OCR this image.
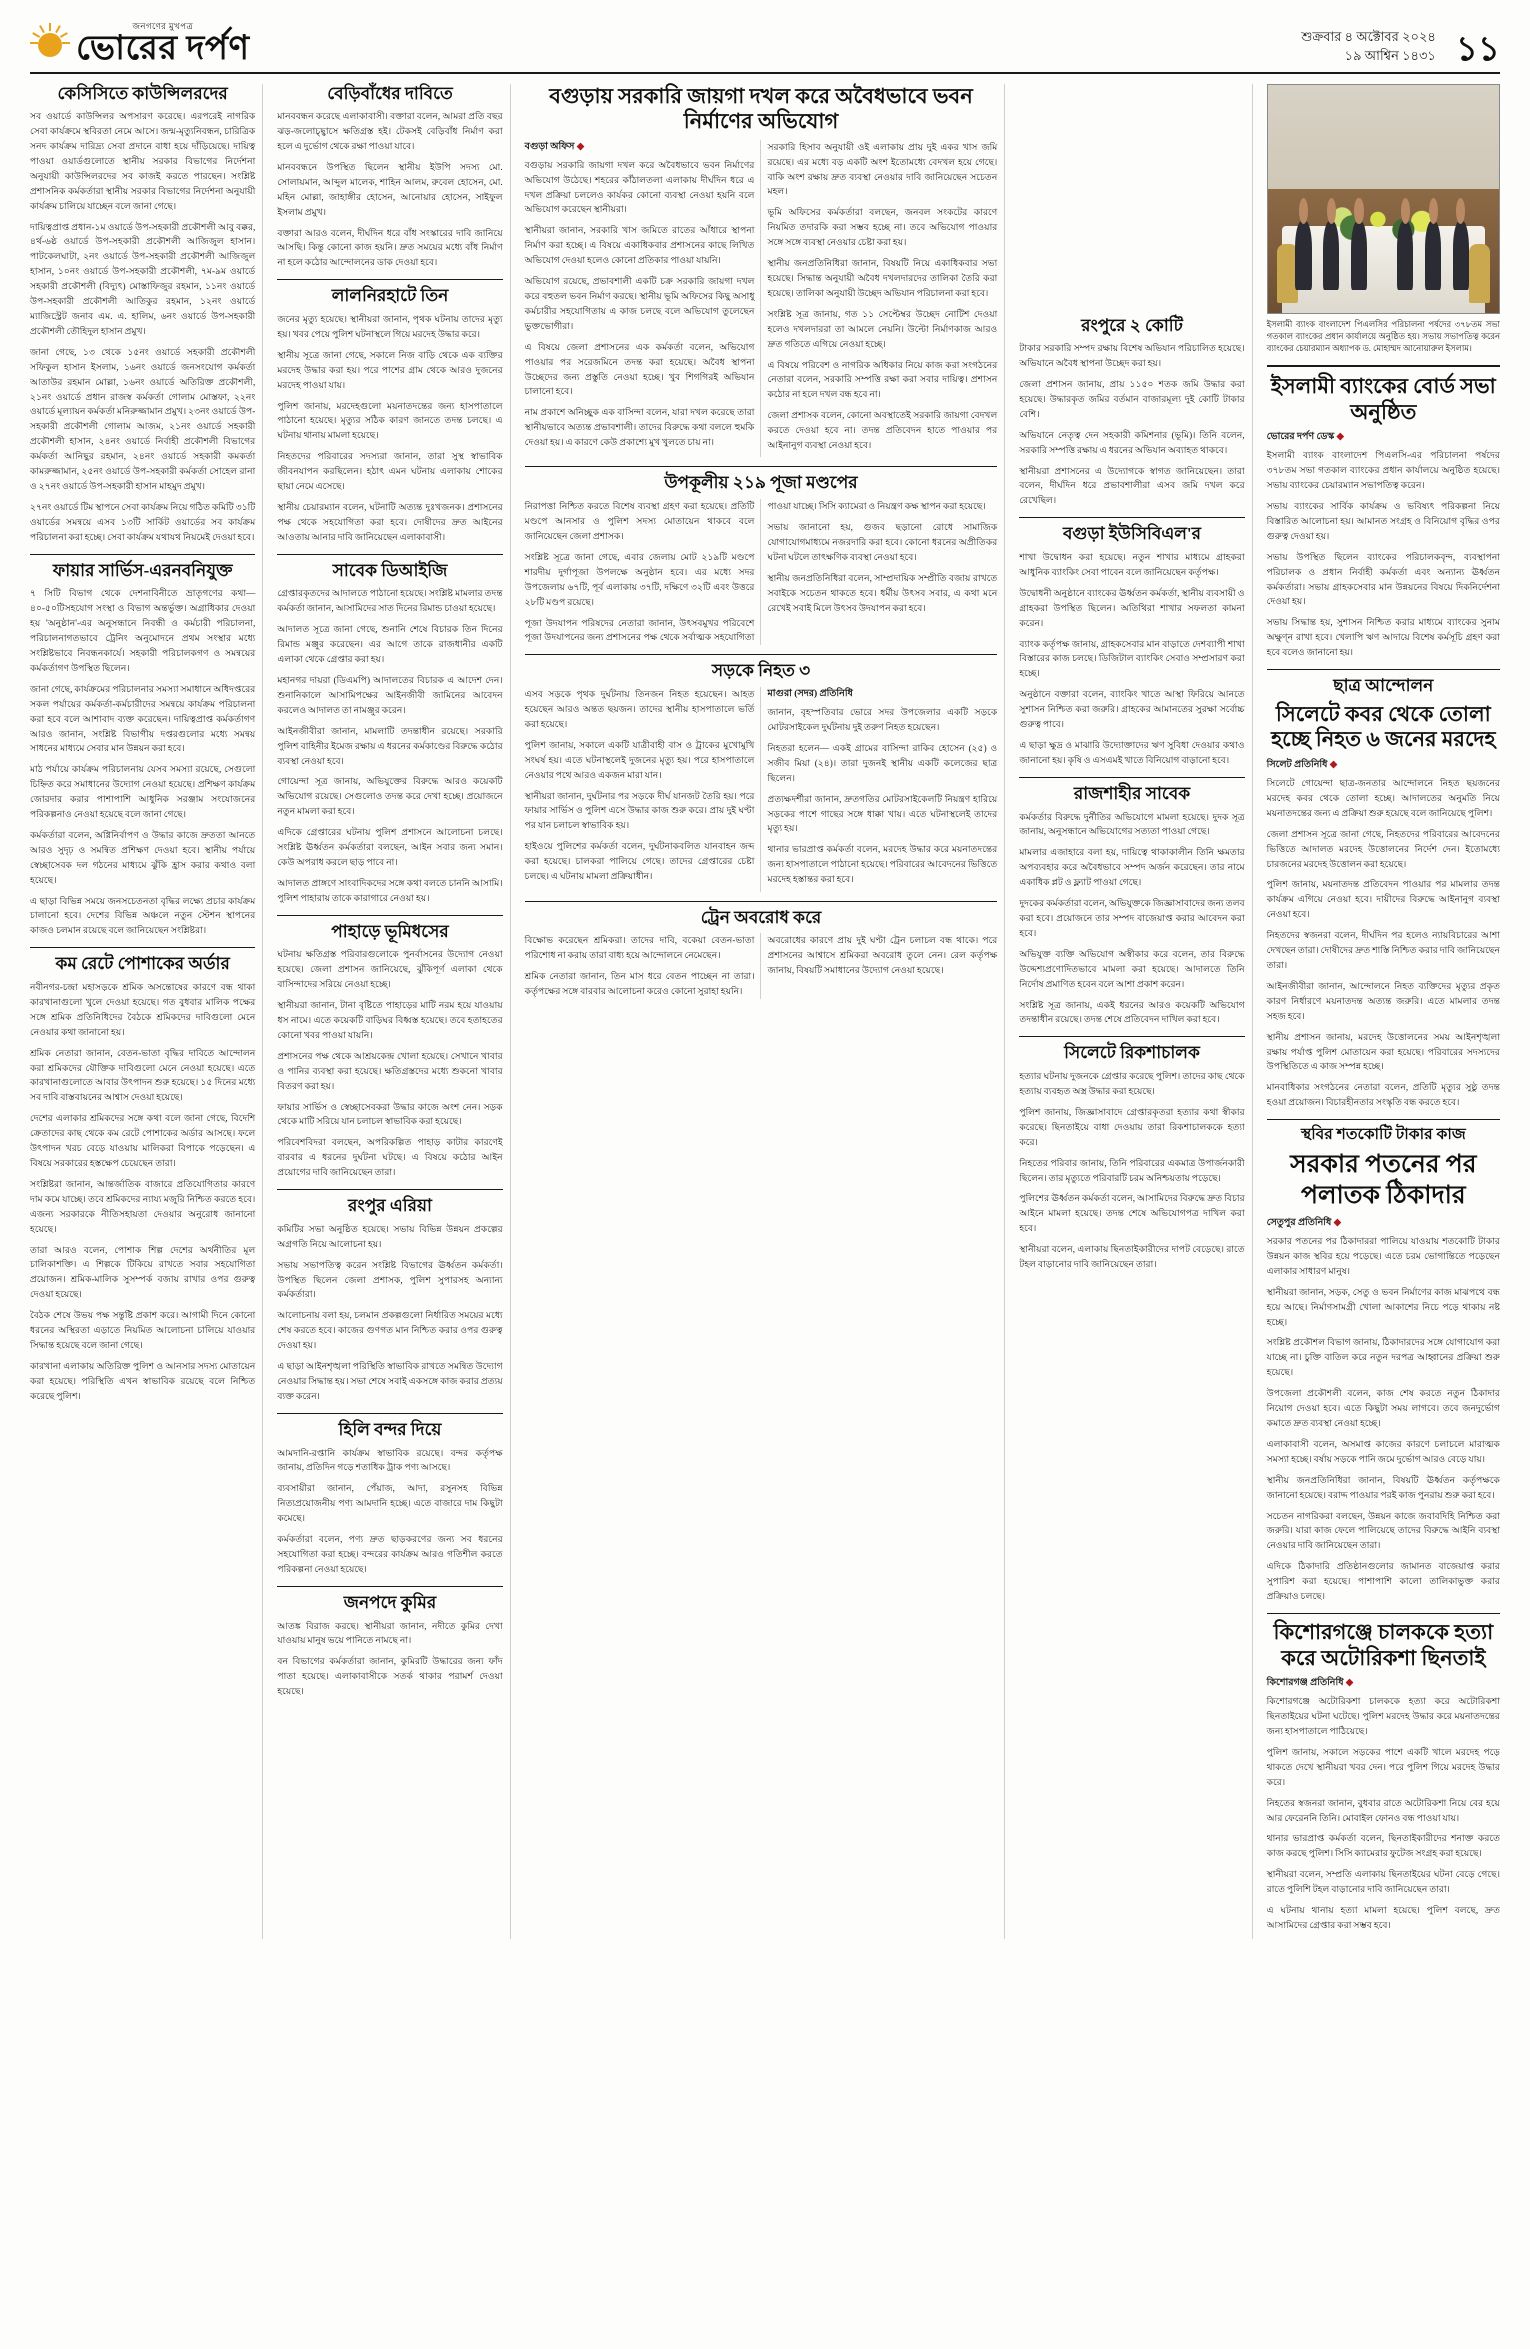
জনগণের মুখপত্র
ভোরের দর্পণ	শুক্রবার ৪ অক্টোবর ২০২৪
১৯ আশ্বিন ১৪৩১ ১১
কেসিসিতে কাউন্সিলরদের

সব ওয়ার্ডে কাউন্সিলর অপসারণ করেছে। এরপরেই নাগরিক সেবা কার্যক্রমে স্থবিরতা নেমে আসে। জন্ম-মৃত্যুনিবন্ধন, চারিত্রিক সনদ কার্যক্রম দারিদ্র্য সেবা প্রদানে বাধা হয়ে দাঁড়িয়েছে। দায়িত্ব পাওয়া ওয়ার্ডগুলোতে স্থানীয় সরকার বিভাগের নির্দেশনা অনুযায়ী কাউন্সিলরদের সব কাজই করতে পারছেন। সংশ্লিষ্ট প্রশাসনিক কর্মকর্তারা স্থানীয় সরকার বিভাগের নির্দেশনা অনুযায়ী কার্যক্রম চালিয়ে যাচ্ছেন বলে জানা গেছে।

দায়িত্বপ্রাপ্ত প্রধান-১ম ওয়ার্ডে উপ-সহকারী প্রকৌশলী আবু বক্কর, ৪র্থ-৬ষ্ঠ ওয়ার্ডে উপ-সহকারী প্রকৌশলী আজিজুল হাসান। পাটকেলঘাটা, ২নং ওয়ার্ডে উপ-সহকারী প্রকৌশলী আজিজুল হাসান, ১০নং ওয়ার্ডে উপ-সহকারী প্রকৌশলী, ৭ম-৯ম ওয়ার্ডে সহকারী প্রকৌশলী (বিদ্যুৎ) মোস্তাফিজুর রহমান, ১১নং ওয়ার্ডে উপ-সহকারী প্রকৌশলী আতিকুর রহমান, ১২নং ওয়ার্ডে ম্যাজিস্ট্রেট জনাব এম. এ. হালিম, ৬নং ওয়ার্ডে উপ-সহকারী প্রকৌশলী তৌহিদুল হাসান প্রমুখ।

জানা গেছে, ১৩ থেকে ১৫নং ওয়ার্ডে সহকারী প্রকৌশলী সফিকুল হাসান ইসলাম, ১৬নং ওয়ার্ডে জনসংযোগ কর্মকর্তা আতাউর রহমান মোল্লা, ১৬নং ওয়ার্ডে অতিরিক্ত প্রকৌশলী, ২১নং ওয়ার্ডে প্রধান রাজস্ব কর্মকর্তা গোলাম মোস্তফা, ২২নং ওয়ার্ডে মূল্যায়ন কর্মকর্তা মনিরুজ্জামান প্রমুখ। ২৩নং ওয়ার্ডে উপ-সহকারী প্রকৌশলী গোলাম আজম, ২১নং ওয়ার্ডে সহকারী প্রকৌশলী হাসান, ২৪নং ওয়ার্ডে নির্বাহী প্রকৌশলী বিভাগের কর্মকর্তা আনিছুর রহমান, ২৪নং ওয়ার্ডে সহকারী কমকর্তা কামরুজ্জামান, ২৫নং ওয়ার্ডে উপ-সহকারী কর্মকর্তা সোহেল রানা ও ২৭নং ওয়ার্ডে উপ-সহকারী হাসান মাহমুদ প্রমুখ।

২৭নং ওয়ার্ডে টিম স্থাপনে সেবা কার্যক্রম নিয়ে গঠিত কমিটি ৩১টি ওয়ার্ডের সমন্বয়ে এসব ১৩টি সার্কিট ওয়ার্ডের সব কার্যক্রম পরিচালনা করা হচ্ছে। সেবা কার্যক্রম যথাযথ নিয়মেই দেওয়া হবে।

ফায়ার সার্ভিস-এরনবনিযুক্ত

৭ সিটি বিভাগ থেকে দেশনাবিনীতে ভ্রাতৃগণের কথা—৪০-৫০টিসহযোগ সংস্থা ও বিভাগ অন্তর্ভুক্ত। অগ্রাধিকার দেওয়া হয় 'অনুষ্ঠান'-এর অনুসন্ধানে নিবন্ধী ও কর্মচারী পরিচালনা, পরিচালনাগতভাবে ট্রেনিং অনুমোদনে প্রথম সংস্থার মধ্যে সংশ্লিষ্টভাবে নিবন্ধনকার্যে। সহকারী পরিচালকগণ ও সমন্বয়ের কর্মকর্তাগণ উপস্থিত ছিলেন।

জানা গেছে, কার্যক্রমের পরিচালনার সমস্যা সমাধানে অধিদপ্তরের সকল পর্যায়ের কর্মকর্তা-কর্মচারীদের সমন্বয়ে কার্যক্রম পরিচালনা করা হবে বলে আশাবাদ ব্যক্ত করেছেন। দায়িত্বপ্রাপ্ত কর্মকর্তাগণ আরও জানান, সংশ্লিষ্ট বিভাগীয় দপ্তরগুলোর মধ্যে সমন্বয় সাধনের মাধ্যমে সেবার মান উন্নয়ন করা হবে।

মাঠ পর্যায়ে কার্যক্রম পরিচালনায় যেসব সমস্যা রয়েছে, সেগুলো চিহ্নিত করে সমাধানের উদ্যোগ নেওয়া হয়েছে। প্রশিক্ষণ কার্যক্রম জোরদার করার পাশাপাশি আধুনিক সরঞ্জাম সংযোজনের পরিকল্পনাও নেওয়া হয়েছে বলে জানা গেছে।

কর্মকর্তারা বলেন, অগ্নিনির্বাপণ ও উদ্ধার কাজে দ্রুততা আনতে আরও সুদৃঢ় ও সমন্বিত প্রশিক্ষণ দেওয়া হবে। স্থানীয় পর্যায়ে স্বেচ্ছাসেবক দল গঠনের মাধ্যমে ঝুঁকি হ্রাস করার কথাও বলা হয়েছে।

এ ছাড়া বিভিন্ন সময়ে জনসচেতনতা বৃদ্ধির লক্ষ্যে প্রচার কার্যক্রম চালানো হবে। দেশের বিভিন্ন অঞ্চলে নতুন স্টেশন স্থাপনের কাজও চলমান রয়েছে বলে জানিয়েছেন সংশ্লিষ্টরা।

কম রেটে পোশাকের অর্ডার

নবীনগর-চন্দ্রা মহাসড়কে শ্রমিক অসন্তোষের কারণে বন্ধ থাকা কারখানাগুলো খুলে দেওয়া হয়েছে। গত বুধবার মালিক পক্ষের সঙ্গে শ্রমিক প্রতিনিধিদের বৈঠকে শ্রমিকদের দাবিগুলো মেনে নেওয়ার কথা জানানো হয়।

শ্রমিক নেতারা জানান, বেতন-ভাতা বৃদ্ধির দাবিতে আন্দোলন করা শ্রমিকদের যৌক্তিক দাবিগুলো মেনে নেওয়া হয়েছে। এতে কারখানাগুলোতে আবার উৎপাদন শুরু হয়েছে। ১৫ দিনের মধ্যে সব দাবি বাস্তবায়নের আশ্বাস দেওয়া হয়েছে।

দেশের এলাকার শ্রমিকদের সঙ্গে কথা বলে জানা গেছে, বিদেশি ক্রেতাদের কাছ থেকে কম রেটে পোশাকের অর্ডার আসছে। ফলে উৎপাদন খরচ বেড়ে যাওয়ায় মালিকরা বিপাকে পড়েছেন। এ বিষয়ে সরকারের হস্তক্ষেপ চেয়েছেন তারা।

সংশ্লিষ্টরা জানান, আন্তর্জাতিক বাজারে প্রতিযোগিতার কারণে দাম কমে যাচ্ছে। তবে শ্রমিকদের ন্যায্য মজুরি নিশ্চিত করতে হবে। এজন্য সরকারকে নীতিসহায়তা দেওয়ার অনুরোধ জানানো হয়েছে।

তারা আরও বলেন, পোশাক শিল্প দেশের অর্থনীতির মূল চালিকাশক্তি। এ শিল্পকে টিকিয়ে রাখতে সবার সহযোগিতা প্রয়োজন। শ্রমিক-মালিক সুসম্পর্ক বজায় রাখার ওপর গুরুত্ব দেওয়া হয়েছে।

বৈঠক শেষে উভয় পক্ষ সন্তুষ্টি প্রকাশ করে। আগামী দিনে কোনো ধরনের অস্থিরতা এড়াতে নিয়মিত আলোচনা চালিয়ে যাওয়ার সিদ্ধান্ত হয়েছে বলে জানা গেছে।

কারখানা এলাকায় অতিরিক্ত পুলিশ ও আনসার সদস্য মোতায়েন করা হয়েছে। পরিস্থিতি এখন স্বাভাবিক রয়েছে বলে নিশ্চিত করেছে পুলিশ।

বেড়িবাঁধের দাবিতে

মানববন্ধন করেছে এলাকাবাসী। বক্তারা বলেন, আমরা প্রতি বছর ঝড়-জলোচ্ছ্বাসে ক্ষতিগ্রস্ত হই। টেকসই বেড়িবাঁধ নির্মাণ করা হলে এ দুর্ভোগ থেকে রক্ষা পাওয়া যাবে।

মানববন্ধনে উপস্থিত ছিলেন স্থানীয় ইউপি সদস্য মো. সোলায়মান, আব্দুল মালেক, শাহিন আলম, রুবেল হোসেন, মো. মহিন মোল্লা, জাহাঙ্গীর হোসেন, আনোয়ার হোসেন, সাইফুল ইসলাম প্রমুখ।

বক্তারা আরও বলেন, দীর্ঘদিন ধরে বাঁধ সংস্কারের দাবি জানিয়ে আসছি। কিন্তু কোনো কাজ হয়নি। দ্রুত সময়ের মধ্যে বাঁধ নির্মাণ না হলে কঠোর আন্দোলনের ডাক দেওয়া হবে।

লালনিরহাটে তিন

জনের মৃত্যু হয়েছে। স্থানীয়রা জানান, পৃথক ঘটনায় তাদের মৃত্যু হয়। খবর পেয়ে পুলিশ ঘটনাস্থলে গিয়ে মরদেহ উদ্ধার করে।

স্থানীয় সূত্রে জানা গেছে, সকালে নিজ বাড়ি থেকে এক ব্যক্তির মরদেহ উদ্ধার করা হয়। পরে পাশের গ্রাম থেকে আরও দুজনের মরদেহ পাওয়া যায়।

পুলিশ জানায়, মরদেহগুলো ময়নাতদন্তের জন্য হাসপাতালে পাঠানো হয়েছে। মৃত্যুর সঠিক কারণ জানতে তদন্ত চলছে। এ ঘটনায় থানায় মামলা হয়েছে।

নিহতদের পরিবারের সদস্যরা জানান, তারা সুস্থ স্বাভাবিক জীবনযাপন করছিলেন। হঠাৎ এমন ঘটনায় এলাকায় শোকের ছায়া নেমে এসেছে।

স্থানীয় চেয়ারম্যান বলেন, ঘটনাটি অত্যন্ত দুঃখজনক। প্রশাসনের পক্ষ থেকে সহযোগিতা করা হবে। দোষীদের দ্রুত আইনের আওতায় আনার দাবি জানিয়েছেন এলাকাবাসী।

সাবেক ডিআইজি

গ্রেপ্তারকৃতদের আদালতে পাঠানো হয়েছে। সংশ্লিষ্ট মামলার তদন্ত কর্মকর্তা জানান, আসামিদের সাত দিনের রিমান্ড চাওয়া হয়েছে।

আদালত সূত্রে জানা গেছে, শুনানি শেষে বিচারক তিন দিনের রিমান্ড মঞ্জুর করেছেন। এর আগে তাকে রাজধানীর একটি এলাকা থেকে গ্রেপ্তার করা হয়।

মহানগর দায়রা (ডিএমপি) আদালতের বিচারক এ আদেশ দেন। শুনানিকালে আসামিপক্ষের আইনজীবী জামিনের আবেদন করলেও আদালত তা নামঞ্জুর করেন।

আইনজীবীরা জানান, মামলাটি তদন্তাধীন রয়েছে। সরকারি পুলিশ বাহিনীর ইমেজ রক্ষায় এ ধরনের কর্মকাণ্ডের বিরুদ্ধে কঠোর ব্যবস্থা নেওয়া হবে।

গোয়েন্দা সূত্র জানায়, অভিযুক্তের বিরুদ্ধে আরও কয়েকটি অভিযোগ রয়েছে। সেগুলোও তদন্ত করে দেখা হচ্ছে। প্রয়োজনে নতুন মামলা করা হবে।

এদিকে গ্রেপ্তারের ঘটনায় পুলিশ প্রশাসনে আলোচনা চলছে। সংশ্লিষ্ট ঊর্ধ্বতন কর্মকর্তারা বলছেন, আইন সবার জন্য সমান। কেউ অপরাধ করলে ছাড় পাবে না।

আদালত প্রাঙ্গণে সাংবাদিকদের সঙ্গে কথা বলতে চাননি আসামি। পুলিশ পাহারায় তাকে কারাগারে নেওয়া হয়।

পাহাড়ে ভূমিধসের

ঘটনায় ক্ষতিগ্রস্ত পরিবারগুলোকে পুনর্বাসনের উদ্যোগ নেওয়া হয়েছে। জেলা প্রশাসন জানিয়েছে, ঝুঁকিপূর্ণ এলাকা থেকে বাসিন্দাদের সরিয়ে নেওয়া হচ্ছে।

স্থানীয়রা জানান, টানা বৃষ্টিতে পাহাড়ের মাটি নরম হয়ে যাওয়ায় ধস নামে। এতে কয়েকটি বাড়িঘর বিধ্বস্ত হয়েছে। তবে হতাহতের কোনো খবর পাওয়া যায়নি।

প্রশাসনের পক্ষ থেকে আশ্রয়কেন্দ্র খোলা হয়েছে। সেখানে খাবার ও পানির ব্যবস্থা করা হয়েছে। ক্ষতিগ্রস্তদের মধ্যে শুকনো খাবার বিতরণ করা হয়।

ফায়ার সার্ভিস ও স্বেচ্ছাসেবকরা উদ্ধার কাজে অংশ নেন। সড়ক থেকে মাটি সরিয়ে যান চলাচল স্বাভাবিক করা হয়েছে।

পরিবেশবিদরা বলছেন, অপরিকল্পিত পাহাড় কাটার কারণেই বারবার এ ধরনের দুর্ঘটনা ঘটছে। এ বিষয়ে কঠোর আইন প্রয়োগের দাবি জানিয়েছেন তারা।

রংপুর এরিয়া

কমিটির সভা অনুষ্ঠিত হয়েছে। সভায় বিভিন্ন উন্নয়ন প্রকল্পের অগ্রগতি নিয়ে আলোচনা হয়।

সভায় সভাপতিত্ব করেন সংশ্লিষ্ট বিভাগের ঊর্ধ্বতন কর্মকর্তা। উপস্থিত ছিলেন জেলা প্রশাসক, পুলিশ সুপারসহ অন্যান্য কর্মকর্তারা।

আলোচনায় বলা হয়, চলমান প্রকল্পগুলো নির্ধারিত সময়ের মধ্যে শেষ করতে হবে। কাজের গুণগত মান নিশ্চিত করার ওপর গুরুত্ব দেওয়া হয়।

এ ছাড়া আইনশৃঙ্খলা পরিস্থিতি স্বাভাবিক রাখতে সমন্বিত উদ্যোগ নেওয়ার সিদ্ধান্ত হয়। সভা শেষে সবাই একসঙ্গে কাজ করার প্রত্যয় ব্যক্ত করেন।

হিলি বন্দর দিয়ে

আমদানি-রপ্তানি কার্যক্রম স্বাভাবিক রয়েছে। বন্দর কর্তৃপক্ষ জানায়, প্রতিদিন গড়ে শতাধিক ট্রাক পণ্য আসছে।

ব্যবসায়ীরা জানান, পেঁয়াজ, আদা, রসুনসহ বিভিন্ন নিত্যপ্রয়োজনীয় পণ্য আমদানি হচ্ছে। এতে বাজারে দাম কিছুটা কমেছে।

কর্মকর্তারা বলেন, পণ্য দ্রুত ছাড়করণের জন্য সব ধরনের সহযোগিতা করা হচ্ছে। বন্দরের কার্যক্রম আরও গতিশীল করতে পরিকল্পনা নেওয়া হয়েছে।

জনপদে কুমির

আতঙ্ক বিরাজ করছে। স্থানীয়রা জানান, নদীতে কুমির দেখা যাওয়ায় মানুষ ভয়ে পানিতে নামছে না।

বন বিভাগের কর্মকর্তারা জানান, কুমিরটি উদ্ধারের জন্য ফাঁদ পাতা হয়েছে। এলাকাবাসীকে সতর্ক থাকার পরামর্শ দেওয়া হয়েছে।

বগুড়ায় সরকারি জায়গা দখল করে অবৈধভাবে ভবন নির্মাণের অভিযোগ

বগুড়া অফিস ◆

বগুড়ায় সরকারি জায়গা দখল করে অবৈধভাবে ভবন নির্মাণের অভিযোগ উঠেছে। শহরের কাঁঠালতলা এলাকায় দীর্ঘদিন ধরে এ দখল প্রক্রিয়া চললেও কার্যকর কোনো ব্যবস্থা নেওয়া হয়নি বলে অভিযোগ করেছেন স্থানীয়রা।

স্থানীয়রা জানান, সরকারি খাস জমিতে রাতের আঁধারে স্থাপনা নির্মাণ করা হচ্ছে। এ বিষয়ে একাধিকবার প্রশাসনের কাছে লিখিত অভিযোগ দেওয়া হলেও কোনো প্রতিকার পাওয়া যায়নি।

অভিযোগ রয়েছে, প্রভাবশালী একটি চক্র সরকারি জায়গা দখল করে বহুতল ভবন নির্মাণ করছে। স্থানীয় ভূমি অফিসের কিছু অসাধু কর্মচারীর সহযোগিতায় এ কাজ চলছে বলে অভিযোগ তুলেছেন ভুক্তভোগীরা।

এ বিষয়ে জেলা প্রশাসনের এক কর্মকর্তা বলেন, অভিযোগ পাওয়ার পর সরেজমিনে তদন্ত করা হয়েছে। অবৈধ স্থাপনা উচ্ছেদের জন্য প্রস্তুতি নেওয়া হচ্ছে। খুব শিগগিরই অভিযান চালানো হবে।

নাম প্রকাশে অনিচ্ছুক এক বাসিন্দা বলেন, যারা দখল করেছে তারা স্থানীয়ভাবে অত্যন্ত প্রভাবশালী। তাদের বিরুদ্ধে কথা বললে হুমকি দেওয়া হয়। এ কারণে কেউ প্রকাশ্যে মুখ খুলতে চায় না।

সরকারি হিসাব অনুযায়ী ওই এলাকায় প্রায় দুই একর খাস জমি রয়েছে। এর মধ্যে বড় একটি অংশ ইতোমধ্যে বেদখল হয়ে গেছে। বাকি অংশ রক্ষায় দ্রুত ব্যবস্থা নেওয়ার দাবি জানিয়েছেন সচেতন মহল।

ভূমি অফিসের কর্মকর্তারা বলছেন, জনবল সংকটের কারণে নিয়মিত তদারকি করা সম্ভব হচ্ছে না। তবে অভিযোগ পাওয়ার সঙ্গে সঙ্গে ব্যবস্থা নেওয়ার চেষ্টা করা হয়।

স্থানীয় জনপ্রতিনিধিরা জানান, বিষয়টি নিয়ে একাধিকবার সভা হয়েছে। সিদ্ধান্ত অনুযায়ী অবৈধ দখলদারদের তালিকা তৈরি করা হয়েছে। তালিকা অনুযায়ী উচ্ছেদ অভিযান পরিচালনা করা হবে।

সংশ্লিষ্ট সূত্র জানায়, গত ১১ সেপ্টেম্বর উচ্ছেদ নোটিশ দেওয়া হলেও দখলদাররা তা আমলে নেয়নি। উল্টো নির্মাণকাজ আরও দ্রুত গতিতে এগিয়ে নেওয়া হচ্ছে।

এ বিষয়ে পরিবেশ ও নাগরিক অধিকার নিয়ে কাজ করা সংগঠনের নেতারা বলেন, সরকারি সম্পত্তি রক্ষা করা সবার দায়িত্ব। প্রশাসন কঠোর না হলে দখল বন্ধ হবে না।

জেলা প্রশাসক বলেন, কোনো অবস্থাতেই সরকারি জায়গা বেদখল করতে দেওয়া হবে না। তদন্ত প্রতিবেদন হাতে পাওয়ার পর আইনানুগ ব্যবস্থা নেওয়া হবে।

উপকূলীয় ২১৯ পূজা মণ্ডপের

নিরাপত্তা নিশ্চিত করতে বিশেষ ব্যবস্থা গ্রহণ করা হয়েছে। প্রতিটি মণ্ডপে আনসার ও পুলিশ সদস্য মোতায়েন থাকবে বলে জানিয়েছেন জেলা প্রশাসক।

সংশ্লিষ্ট সূত্রে জানা গেছে, এবার জেলায় মোট ২১৯টি মণ্ডপে শারদীয় দুর্গাপূজা উপলক্ষে অনুষ্ঠান হবে। এর মধ্যে সদর উপজেলায় ৬৭টি, পূর্ব এলাকায় ৩৭টি, দক্ষিণে ৩২টি এবং উত্তরে ২৮টি মণ্ডপ রয়েছে।

পূজা উদযাপন পরিষদের নেতারা জানান, উৎসবমুখর পরিবেশে পূজা উদযাপনের জন্য প্রশাসনের পক্ষ থেকে সর্বাত্মক সহযোগিতা পাওয়া যাচ্ছে। সিসি ক্যামেরা ও নিয়ন্ত্রণ কক্ষ স্থাপন করা হয়েছে।

সভায় জানানো হয়, গুজব ছড়ানো রোধে সামাজিক যোগাযোগমাধ্যমে নজরদারি করা হবে। কোনো ধরনের অপ্রীতিকর ঘটনা ঘটলে তাৎক্ষণিক ব্যবস্থা নেওয়া হবে।

স্থানীয় জনপ্রতিনিধিরা বলেন, সাম্প্রদায়িক সম্প্রীতি বজায় রাখতে সবাইকে সচেতন থাকতে হবে। ধর্মীয় উৎসব সবার, এ কথা মনে রেখেই সবাই মিলে উৎসব উদযাপন করা হবে।

সড়কে নিহত ৩

এসব সড়কে পৃথক দুর্ঘটনায় তিনজন নিহত হয়েছেন। আহত হয়েছেন আরও অন্তত ছয়জন। তাদের স্থানীয় হাসপাতালে ভর্তি করা হয়েছে।

পুলিশ জানায়, সকালে একটি যাত্রীবাহী বাস ও ট্রাকের মুখোমুখি সংঘর্ষ হয়। এতে ঘটনাস্থলেই দুজনের মৃত্যু হয়। পরে হাসপাতালে নেওয়ার পথে আরও একজন মারা যান।

স্থানীয়রা জানান, দুর্ঘটনার পর সড়কে দীর্ঘ যানজট তৈরি হয়। পরে ফায়ার সার্ভিস ও পুলিশ এসে উদ্ধার কাজ শুরু করে। প্রায় দুই ঘণ্টা পর যান চলাচল স্বাভাবিক হয়।

হাইওয়ে পুলিশের কর্মকর্তা বলেন, দুর্ঘটনাকবলিত যানবাহন জব্দ করা হয়েছে। চালকরা পালিয়ে গেছে। তাদের গ্রেপ্তারের চেষ্টা চলছে। এ ঘটনায় মামলা প্রক্রিয়াধীন।

মাগুরা (সদর) প্রতিনিধি

জানান, বৃহস্পতিবার ভোরে সদর উপজেলার একটি সড়কে মোটরসাইকেল দুর্ঘটনায় দুই তরুণ নিহত হয়েছেন।

নিহতরা হলেন— একই গ্রামের বাসিন্দা রাকিব হোসেন (২৫) ও সজীব মিয়া (২৪)। তারা দুজনই স্থানীয় একটি কলেজের ছাত্র ছিলেন।

প্রত্যক্ষদর্শীরা জানান, দ্রুতগতির মোটরসাইকেলটি নিয়ন্ত্রণ হারিয়ে সড়কের পাশে গাছের সঙ্গে ধাক্কা খায়। এতে ঘটনাস্থলেই তাদের মৃত্যু হয়।

থানার ভারপ্রাপ্ত কর্মকর্তা বলেন, মরদেহ উদ্ধার করে ময়নাতদন্তের জন্য হাসপাতালে পাঠানো হয়েছে। পরিবারের আবেদনের ভিত্তিতে মরদেহ হস্তান্তর করা হবে।

ট্রেন অবরোধ করে

বিক্ষোভ করেছেন শ্রমিকরা। তাদের দাবি, বকেয়া বেতন-ভাতা পরিশোধ না করায় তারা বাধ্য হয়ে আন্দোলনে নেমেছেন।

শ্রমিক নেতারা জানান, তিন মাস ধরে বেতন পাচ্ছেন না তারা। কর্তৃপক্ষের সঙ্গে বারবার আলোচনা করেও কোনো সুরাহা হয়নি।

অবরোধের কারণে প্রায় দুই ঘণ্টা ট্রেন চলাচল বন্ধ থাকে। পরে প্রশাসনের আশ্বাসে শ্রমিকরা অবরোধ তুলে নেন। রেল কর্তৃপক্ষ জানায়, বিষয়টি সমাধানের উদ্যোগ নেওয়া হয়েছে।

রংপুরে ২ কোটি

টাকার সরকারি সম্পদ রক্ষায় বিশেষ অভিযান পরিচালিত হয়েছে। অভিযানে অবৈধ স্থাপনা উচ্ছেদ করা হয়।

জেলা প্রশাসন জানায়, প্রায় ১১৫০ শতক জমি উদ্ধার করা হয়েছে। উদ্ধারকৃত জমির বর্তমান বাজারমূল্য দুই কোটি টাকার বেশি।

অভিযানে নেতৃত্ব দেন সহকারী কমিশনার (ভূমি)। তিনি বলেন, সরকারি সম্পত্তি রক্ষায় এ ধরনের অভিযান অব্যাহত থাকবে।

স্থানীয়রা প্রশাসনের এ উদ্যোগকে স্বাগত জানিয়েছেন। তারা বলেন, দীর্ঘদিন ধরে প্রভাবশালীরা এসব জমি দখল করে রেখেছিল।

বগুড়া ইউসিবিএল'র

শাখা উদ্বোধন করা হয়েছে। নতুন শাখার মাধ্যমে গ্রাহকরা আধুনিক ব্যাংকিং সেবা পাবেন বলে জানিয়েছেন কর্তৃপক্ষ।

উদ্বোধনী অনুষ্ঠানে ব্যাংকের ঊর্ধ্বতন কর্মকর্তা, স্থানীয় ব্যবসায়ী ও গ্রাহকরা উপস্থিত ছিলেন। অতিথিরা শাখার সফলতা কামনা করেন।

ব্যাংক কর্তৃপক্ষ জানায়, গ্রাহকসেবার মান বাড়াতে দেশব্যাপী শাখা বিস্তারের কাজ চলছে। ডিজিটাল ব্যাংকিং সেবাও সম্প্রসারণ করা হচ্ছে।

অনুষ্ঠানে বক্তারা বলেন, ব্যাংকিং খাতে আস্থা ফিরিয়ে আনতে সুশাসন নিশ্চিত করা জরুরি। গ্রাহকের আমানতের সুরক্ষা সর্বোচ্চ গুরুত্ব পাবে।

এ ছাড়া ক্ষুদ্র ও মাঝারি উদ্যোক্তাদের ঋণ সুবিধা দেওয়ার কথাও জানানো হয়। কৃষি ও এসএমই খাতে বিনিয়োগ বাড়ানো হবে।

রাজশাহীর সাবেক

কর্মকর্তার বিরুদ্ধে দুর্নীতির অভিযোগে মামলা হয়েছে। দুদক সূত্র জানায়, অনুসন্ধানে অভিযোগের সত্যতা পাওয়া গেছে।

মামলার এজাহারে বলা হয়, দায়িত্বে থাকাকালীন তিনি ক্ষমতার অপব্যবহার করে অবৈধভাবে সম্পদ অর্জন করেছেন। তার নামে একাধিক প্লট ও ফ্ল্যাট পাওয়া গেছে।

দুদকের কর্মকর্তারা বলেন, অভিযুক্তকে জিজ্ঞাসাবাদের জন্য তলব করা হবে। প্রয়োজনে তার সম্পদ বাজেয়াপ্ত করার আবেদন করা হবে।

অভিযুক্ত ব্যক্তি অভিযোগ অস্বীকার করে বলেন, তার বিরুদ্ধে উদ্দেশ্যপ্রণোদিতভাবে মামলা করা হয়েছে। আদালতে তিনি নির্দোষ প্রমাণিত হবেন বলে আশা প্রকাশ করেন।

সংশ্লিষ্ট সূত্র জানায়, একই ধরনের আরও কয়েকটি অভিযোগ তদন্তাধীন রয়েছে। তদন্ত শেষে প্রতিবেদন দাখিল করা হবে।

সিলেটে রিকশাচালক

হত্যার ঘটনায় দুজনকে গ্রেপ্তার করেছে পুলিশ। তাদের কাছ থেকে হত্যায় ব্যবহৃত অস্ত্র উদ্ধার করা হয়েছে।

পুলিশ জানায়, জিজ্ঞাসাবাদে গ্রেপ্তারকৃতরা হত্যার কথা স্বীকার করেছে। ছিনতাইয়ে বাধা দেওয়ায় তারা রিকশাচালককে হত্যা করে।

নিহতের পরিবার জানায়, তিনি পরিবারের একমাত্র উপার্জনকারী ছিলেন। তার মৃত্যুতে পরিবারটি চরম অনিশ্চয়তায় পড়েছে।

পুলিশের ঊর্ধ্বতন কর্মকর্তা বলেন, আসামিদের বিরুদ্ধে দ্রুত বিচার আইনে মামলা হয়েছে। তদন্ত শেষে অভিযোগপত্র দাখিল করা হবে।

স্থানীয়রা বলেন, এলাকায় ছিনতাইকারীদের দাপট বেড়েছে। রাতে টহল বাড়ানোর দাবি জানিয়েছেন তারা।

ইসলামী ব্যাংক বাংলাদেশ পিএলসির পরিচালনা পর্ষদের ৩৭৮তম সভা গতকাল ব্যাংকের প্রধান কার্যালয়ে অনুষ্ঠিত হয়। সভায় সভাপতিত্ব করেন ব্যাংকের চেয়ারম্যান অধ্যাপক ড. মোহাম্মদ আনোয়ারুল ইসলাম।

ইসলামী ব্যাংকের বোর্ড সভা অনুষ্ঠিত

ভোরের দর্পণ ডেস্ক ◆

ইসলামী ব্যাংক বাংলাদেশ পিএলসি-এর পরিচালনা পর্ষদের ৩৭৮তম সভা গতকাল ব্যাংকের প্রধান কার্যালয়ে অনুষ্ঠিত হয়েছে। সভায় ব্যাংকের চেয়ারম্যান সভাপতিত্ব করেন।

সভায় ব্যাংকের সার্বিক কার্যক্রম ও ভবিষ্যৎ পরিকল্পনা নিয়ে বিস্তারিত আলোচনা হয়। আমানত সংগ্রহ ও বিনিয়োগ বৃদ্ধির ওপর গুরুত্ব দেওয়া হয়।

সভায় উপস্থিত ছিলেন ব্যাংকের পরিচালকবৃন্দ, ব্যবস্থাপনা পরিচালক ও প্রধান নির্বাহী কর্মকর্তা এবং অন্যান্য ঊর্ধ্বতন কর্মকর্তারা। সভায় গ্রাহকসেবার মান উন্নয়নের বিষয়ে দিকনির্দেশনা দেওয়া হয়।

সভায় সিদ্ধান্ত হয়, সুশাসন নিশ্চিত করার মাধ্যমে ব্যাংকের সুনাম অক্ষুণ্ন রাখা হবে। খেলাপি ঋণ আদায়ে বিশেষ কর্মসূচি গ্রহণ করা হবে বলেও জানানো হয়।

ছাত্র আন্দোলন
সিলেটে কবর থেকে তোলা হচ্ছে নিহত ৬ জনের মরদেহ

সিলেট প্রতিনিধি ◆

সিলেটে গোয়েন্দা ছাত্র-জনতার আন্দোলনে নিহত ছয়জনের মরদেহ কবর থেকে তোলা হচ্ছে। আদালতের অনুমতি নিয়ে ময়নাতদন্তের জন্য এ প্রক্রিয়া শুরু হয়েছে বলে জানিয়েছে পুলিশ।

জেলা প্রশাসন সূত্রে জানা গেছে, নিহতদের পরিবারের আবেদনের ভিত্তিতে আদালত মরদেহ উত্তোলনের নির্দেশ দেন। ইতোমধ্যে চারজনের মরদেহ উত্তোলন করা হয়েছে।

পুলিশ জানায়, ময়নাতদন্ত প্রতিবেদন পাওয়ার পর মামলার তদন্ত কার্যক্রম এগিয়ে নেওয়া হবে। দায়ীদের বিরুদ্ধে আইনানুগ ব্যবস্থা নেওয়া হবে।

নিহতদের স্বজনরা বলেন, দীর্ঘদিন পর হলেও ন্যায়বিচারের আশা দেখছেন তারা। দোষীদের দ্রুত শাস্তি নিশ্চিত করার দাবি জানিয়েছেন তারা।

আইনজীবীরা জানান, আন্দোলনে নিহত ব্যক্তিদের মৃত্যুর প্রকৃত কারণ নির্ধারণে ময়নাতদন্ত অত্যন্ত জরুরি। এতে মামলার তদন্ত সহজ হবে।

স্থানীয় প্রশাসন জানায়, মরদেহ উত্তোলনের সময় আইনশৃঙ্খলা রক্ষায় পর্যাপ্ত পুলিশ মোতায়েন করা হয়েছে। পরিবারের সদস্যদের উপস্থিতিতে এ কাজ সম্পন্ন হচ্ছে।

মানবাধিকার সংগঠনের নেতারা বলেন, প্রতিটি মৃত্যুর সুষ্ঠু তদন্ত হওয়া প্রয়োজন। বিচারহীনতার সংস্কৃতি বন্ধ করতে হবে।

স্থবির শতকোটি টাকার কাজ
সরকার পতনের পর পলাতক ঠিকাদার

সেতুপুর প্রতিনিধি ◆

সরকার পতনের পর ঠিকাদাররা পালিয়ে যাওয়ায় শতকোটি টাকার উন্নয়ন কাজ স্থবির হয়ে পড়েছে। এতে চরম ভোগান্তিতে পড়েছেন এলাকার সাধারণ মানুষ।

স্থানীয়রা জানান, সড়ক, সেতু ও ভবন নির্মাণের কাজ মাঝপথে বন্ধ হয়ে আছে। নির্মাণসামগ্রী খোলা আকাশের নিচে পড়ে থাকায় নষ্ট হচ্ছে।

সংশ্লিষ্ট প্রকৌশল বিভাগ জানায়, ঠিকাদারদের সঙ্গে যোগাযোগ করা যাচ্ছে না। চুক্তি বাতিল করে নতুন দরপত্র আহ্বানের প্রক্রিয়া শুরু হয়েছে।

উপজেলা প্রকৌশলী বলেন, কাজ শেষ করতে নতুন ঠিকাদার নিয়োগ দেওয়া হবে। এতে কিছুটা সময় লাগবে। তবে জনদুর্ভোগ কমাতে দ্রুত ব্যবস্থা নেওয়া হচ্ছে।

এলাকাবাসী বলেন, অসমাপ্ত কাজের কারণে চলাচলে মারাত্মক সমস্যা হচ্ছে। বর্ষায় সড়কে পানি জমে দুর্ভোগ আরও বেড়ে যায়।

স্থানীয় জনপ্রতিনিধিরা জানান, বিষয়টি ঊর্ধ্বতন কর্তৃপক্ষকে জানানো হয়েছে। বরাদ্দ পাওয়ার পরই কাজ পুনরায় শুরু করা হবে।

সচেতন নাগরিকরা বলছেন, উন্নয়ন কাজে জবাবদিহি নিশ্চিত করা জরুরি। যারা কাজ ফেলে পালিয়েছে তাদের বিরুদ্ধে আইনি ব্যবস্থা নেওয়ার দাবি জানিয়েছেন তারা।

এদিকে ঠিকাদারি প্রতিষ্ঠানগুলোর জামানত বাজেয়াপ্ত করার সুপারিশ করা হয়েছে। পাশাপাশি কালো তালিকাভুক্ত করার প্রক্রিয়াও চলছে।

কিশোরগঞ্জে চালককে হত্যা করে অটোরিকশা ছিনতাই

কিশোরগঞ্জ প্রতিনিধি ◆

কিশোরগঞ্জে অটোরিকশা চালককে হত্যা করে অটোরিকশা ছিনতাইয়ের ঘটনা ঘটেছে। পুলিশ মরদেহ উদ্ধার করে ময়নাতদন্তের জন্য হাসপাতালে পাঠিয়েছে।

পুলিশ জানায়, সকালে সড়কের পাশে একটি খালে মরদেহ পড়ে থাকতে দেখে স্থানীয়রা খবর দেন। পরে পুলিশ গিয়ে মরদেহ উদ্ধার করে।

নিহতের স্বজনরা জানান, বুধবার রাতে অটোরিকশা নিয়ে বের হয়ে আর ফেরেননি তিনি। মোবাইল ফোনও বন্ধ পাওয়া যায়।

থানার ভারপ্রাপ্ত কর্মকর্তা বলেন, ছিনতাইকারীদের শনাক্ত করতে কাজ করছে পুলিশ। সিসি ক্যামেরার ফুটেজ সংগ্রহ করা হয়েছে।

স্থানীয়রা বলেন, সম্প্রতি এলাকায় ছিনতাইয়ের ঘটনা বেড়ে গেছে। রাতে পুলিশি টহল বাড়ানোর দাবি জানিয়েছেন তারা।

এ ঘটনায় থানায় হত্যা মামলা হয়েছে। পুলিশ বলছে, দ্রুত আসামিদের গ্রেপ্তার করা সম্ভব হবে।
